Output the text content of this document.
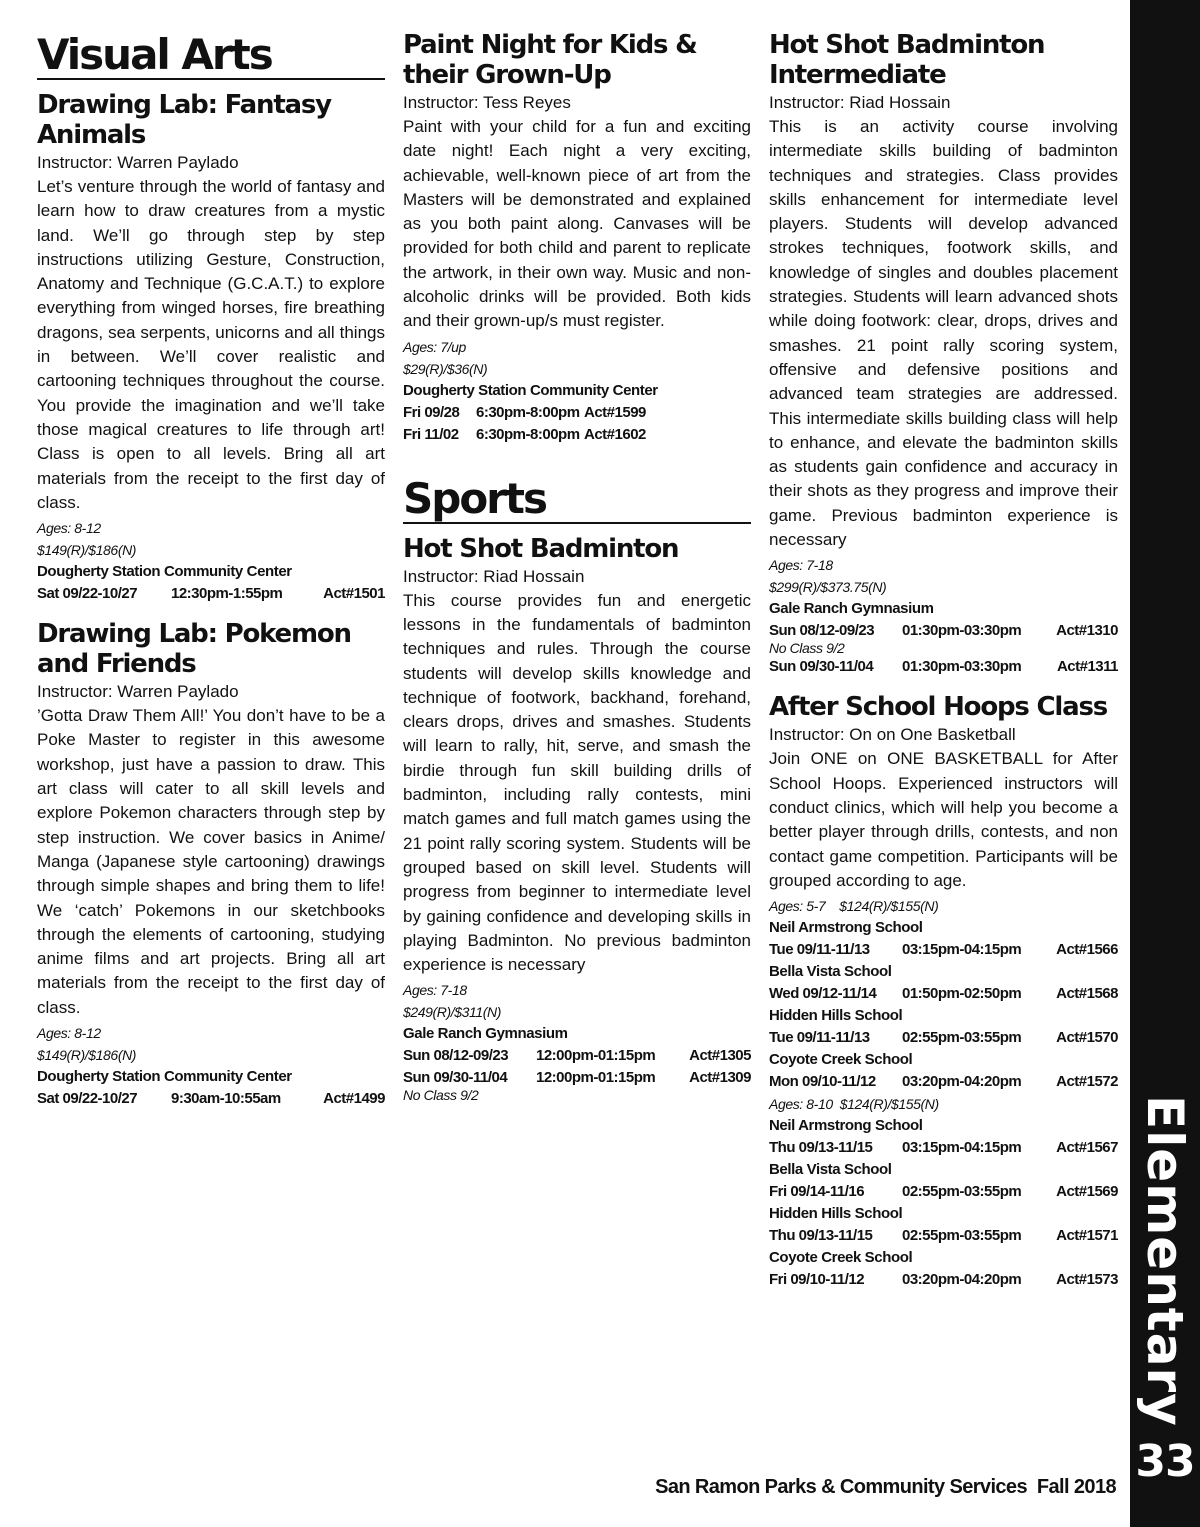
Visual Arts
Drawing Lab: Fantasy Animals
Instructor: Warren Paylado
Let’s venture through the world of fantasy and learn how to draw creatures from a mystic land. We’ll go through step by step instructions utilizing Gesture, Construction, Anatomy and Technique (G.C.A.T.) to explore everything from winged horses, fire breathing dragons, sea serpents, unicorns and all things in between. We’ll cover realistic and cartooning techniques throughout the course. You provide the imagination and we’ll take those magical creatures to life through art! Class is open to all levels. Bring all art materials from the receipt to the first day of class.
Ages: 8-12
$149(R)/$186(N)
Dougherty Station Community Center
Sat 09/22-10/27	12:30pm-1:55pm	Act#1501
Drawing Lab: Pokemon and Friends
Instructor: Warren Paylado
’Gotta Draw Them All!’ You don’t have to be a Poke Master to register in this awesome workshop, just have a passion to draw. This art class will cater to all skill levels and explore Pokemon characters through step by step instruction. We cover basics in Anime/ Manga (Japanese style cartooning) drawings through simple shapes and bring them to life! We ‘catch’ Pokemons in our sketchbooks through the elements of cartooning, studying anime films and art projects. Bring all art materials from the receipt to the first day of class.
Ages: 8-12
$149(R)/$186(N)
Dougherty Station Community Center
Sat 09/22-10/27	9:30am-10:55am	Act#1499
Paint Night for Kids & their Grown-Up
Instructor: Tess Reyes
Paint with your child for a fun and exciting date night! Each night a very exciting, achievable, well-known piece of art from the Masters will be demonstrated and explained as you both paint along. Canvases will be provided for both child and parent to replicate the artwork, in their own way. Music and non-alcoholic drinks will be provided. Both kids and their grown-up/s must register.
Ages: 7/up
$29(R)/$36(N)
Dougherty Station Community Center
Fri 09/28	6:30pm-8:00pm Act#1599
Fri 11/02	6:30pm-8:00pm Act#1602
Sports
Hot Shot Badminton
Instructor: Riad Hossain
This course provides fun and energetic lessons in the fundamentals of badminton techniques and rules. Through the course students will develop skills knowledge and technique of footwork, backhand, forehand, clears drops, drives and smashes. Students will learn to rally, hit, serve, and smash the birdie through fun skill building drills of badminton, including rally contests, mini match games and full match games using the 21 point rally scoring system. Students will be grouped based on skill level. Students will progress from beginner to intermediate level by gaining confidence and developing skills in playing Badminton. No previous badminton experience is necessary
Ages: 7-18
$249(R)/$311(N)
Gale Ranch Gymnasium
Sun 08/12-09/23	12:00pm-01:15pm	Act#1305
Sun 09/30-11/04	12:00pm-01:15pm	Act#1309
No Class 9/2
Hot Shot Badminton Intermediate
Instructor: Riad Hossain
This is an activity course involving intermediate skills building of badminton techniques and strategies. Class provides skills enhancement for intermediate level players. Students will develop advanced strokes techniques, footwork skills, and knowledge of singles and doubles placement strategies. Students will learn advanced shots while doing footwork: clear, drops, drives and smashes. 21 point rally scoring system, offensive and defensive positions and advanced team strategies are addressed. This intermediate skills building class will help to enhance, and elevate the badminton skills as students gain confidence and accuracy in their shots as they progress and improve their game. Previous badminton experience is necessary
Ages: 7-18
$299(R)/$373.75(N)
Gale Ranch Gymnasium
Sun 08/12-09/23	01:30pm-03:30pm	Act#1310
No Class 9/2
Sun 09/30-11/04	01:30pm-03:30pm	Act#1311
After School Hoops Class
Instructor: On on One Basketball
Join ONE on ONE BASKETBALL for After School Hoops. Experienced instructors will conduct clinics, which will help you become a better player through drills, contests, and non contact game competition. Participants will be grouped according to age.
Ages: 5-7    $124(R)/$155(N)
Neil Armstrong School
Tue 09/11-11/13	03:15pm-04:15pm	Act#1566
Bella Vista School
Wed 09/12-11/14	01:50pm-02:50pm	Act#1568
Hidden Hills School
Tue 09/11-11/13	02:55pm-03:55pm	Act#1570
Coyote Creek School
Mon 09/10-11/12	03:20pm-04:20pm	Act#1572
Ages: 8-10  $124(R)/$155(N)
Neil Armstrong School
Thu 09/13-11/15	03:15pm-04:15pm	Act#1567
Bella Vista School
Fri 09/14-11/16	02:55pm-03:55pm	Act#1569
Hidden Hills School
Thu 09/13-11/15	02:55pm-03:55pm	Act#1571
Coyote Creek School
Fri 09/10-11/12	03:20pm-04:20pm	Act#1573 Elementary
33
San Ramon Parks & Community Services  Fall 2018
